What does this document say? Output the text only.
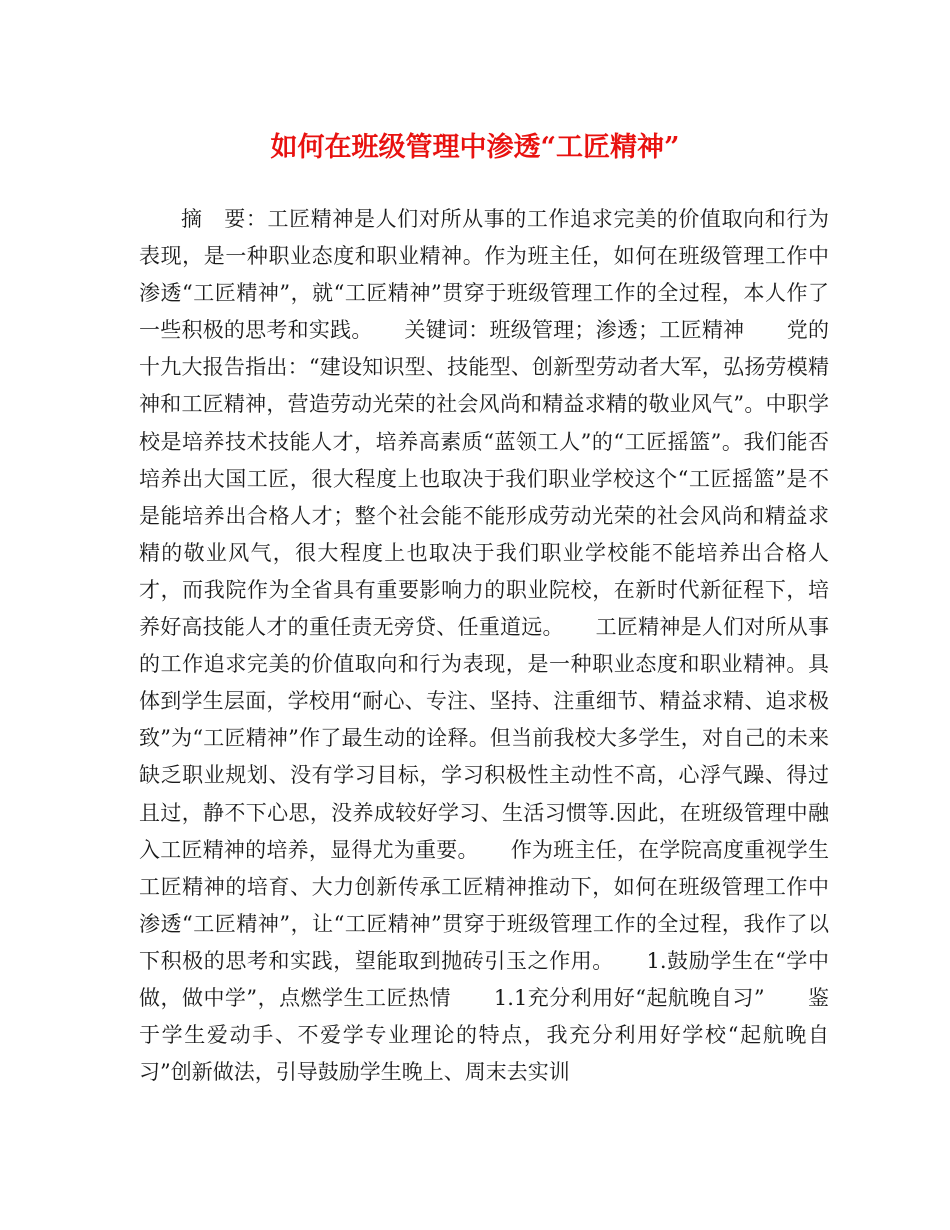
如何在班级管理中渗透“工匠精神”

摘　要：工匠精神是人们对所从事的工作追求完美的价值取向和行为表现，是一种职业态度和职业精神。作为班主任，如何在班级管理工作中渗透“工匠精神”，就“工匠精神”贯穿于班级管理工作的全过程，本人作了一些积极的思考和实践。　　关键词：班级管理；渗透；工匠精神　　党的十九大报告指出：“建设知识型、技能型、创新型劳动者大军，弘扬劳模精神和工匠精神，营造劳动光荣的社会风尚和精益求精的敬业风气”。中职学校是培养技术技能人才，培养高素质“蓝领工人”的“工匠摇篮”。我们能否培养出大国工匠，很大程度上也取决于我们职业学校这个“工匠摇篮”是不是能培养出合格人才；整个社会能不能形成劳动光荣的社会风尚和精益求精的敬业风气，很大程度上也取决于我们职业学校能不能培养出合格人才，而我院作为全省具有重要影响力的职业院校，在新时代新征程下，培养好高技能人才的重任责无旁贷、任重道远。　　工匠精神是人们对所从事的工作追求完美的价值取向和行为表现，是一种职业态度和职业精神。具体到学生层面，学校用“耐心、专注、坚持、注重细节、精益求精、追求极致”为“工匠精神”作了最生动的诠释。但当前我校大多学生，对自己的未来缺乏职业规划、没有学习目标，学习积极性主动性不高，心浮气躁、得过且过，静不下心思，没养成较好学习、生活习惯等.因此，在班级管理中融入工匠精神的培养，显得尤为重要。　　作为班主任，在学院高度重视学生工匠精神的培育、大力创新传承工匠精神推动下，如何在班级管理工作中渗透“工匠精神”，让“工匠精神”贯穿于班级管理工作的全过程，我作了以下积极的思考和实践，望能取到抛砖引玉之作用。　　1.鼓励学生在“学中做，做中学”，点燃学生工匠热情　　1.1充分利用好“起航晚自习”　　鉴于学生爱动手、不爱学专业理论的特点，我充分利用好学校“起航晚自习”创新做法，引导鼓励学生晚上、周末去实训
